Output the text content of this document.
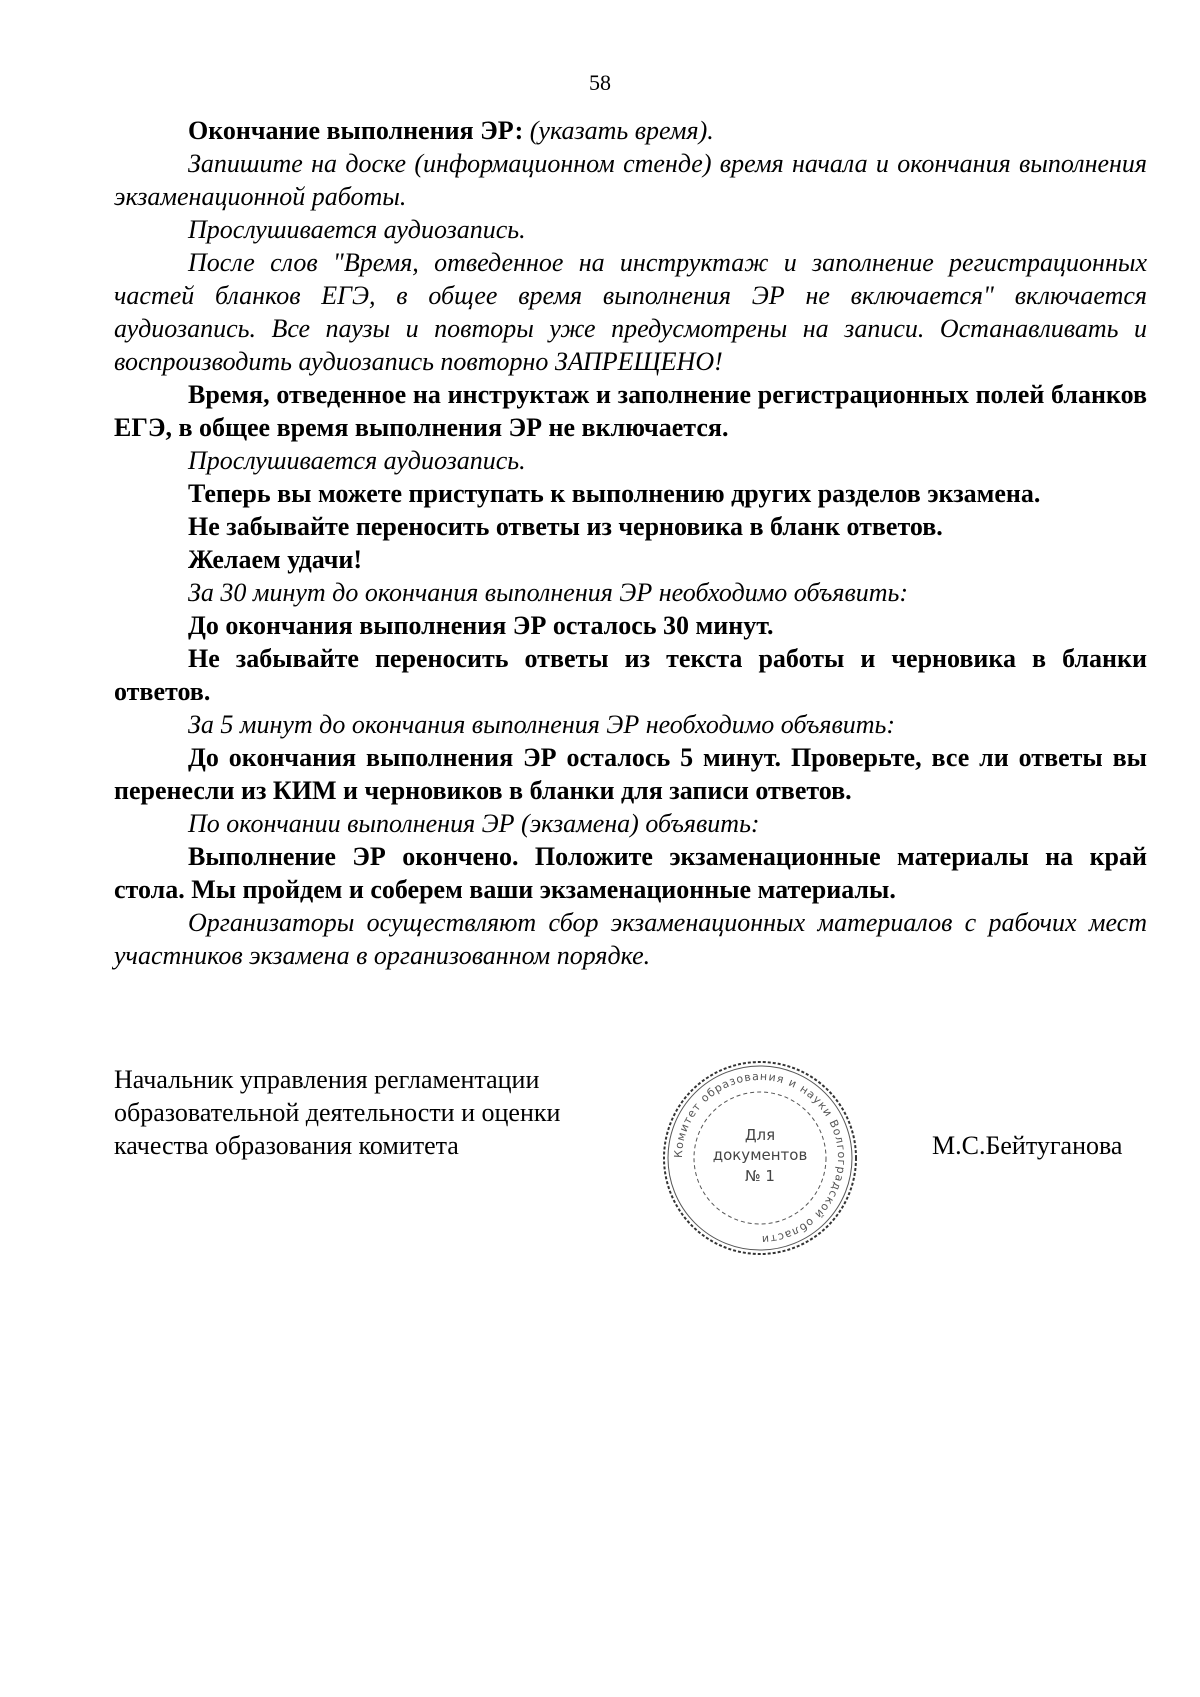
58

Окончание выполнения ЭР: (указать время).

Запишите на доске (информационном стенде) время начала и окончания выполнения экзаменационной работы.

Прослушивается аудиозапись.

После слов "Время, отведенное на инструктаж и заполнение регистрационных частей бланков ЕГЭ, в общее время выполнения ЭР не включается" включается аудиозапись. Все паузы и повторы уже предусмотрены на записи. Останавливать и воспроизводить аудиозапись повторно ЗАПРЕЩЕНО!

Время, отведенное на инструктаж и заполнение регистрационных полей бланков ЕГЭ, в общее время выполнения ЭР не включается.

Прослушивается аудиозапись.

Теперь вы можете приступать к выполнению других разделов экзамена.

Не забывайте переносить ответы из черновика в бланк ответов.

Желаем удачи!

За 30 минут до окончания выполнения ЭР необходимо объявить:

До окончания выполнения ЭР осталось 30 минут.

Не забывайте переносить ответы из текста работы и черновика в бланки ответов.

За 5 минут до окончания выполнения ЭР необходимо объявить:

До окончания выполнения ЭР осталось 5 минут. Проверьте, все ли ответы вы перенесли из КИМ и черновиков в бланки для записи ответов.

По окончании выполнения ЭР (экзамена) объявить:

Выполнение ЭР окончено. Положите экзаменационные материалы на край стола. Мы пройдем и соберем ваши экзаменационные материалы.

Организаторы осуществляют сбор экзаменационных материалов с рабочих мест участников экзамена в организованном порядке.

Начальник управления регламентации
образовательной деятельности и оценки
качества образования комитета	Комитет образования и науки Волгоградской области
Для
документов
№ 1
М.С.Бейтуганова
